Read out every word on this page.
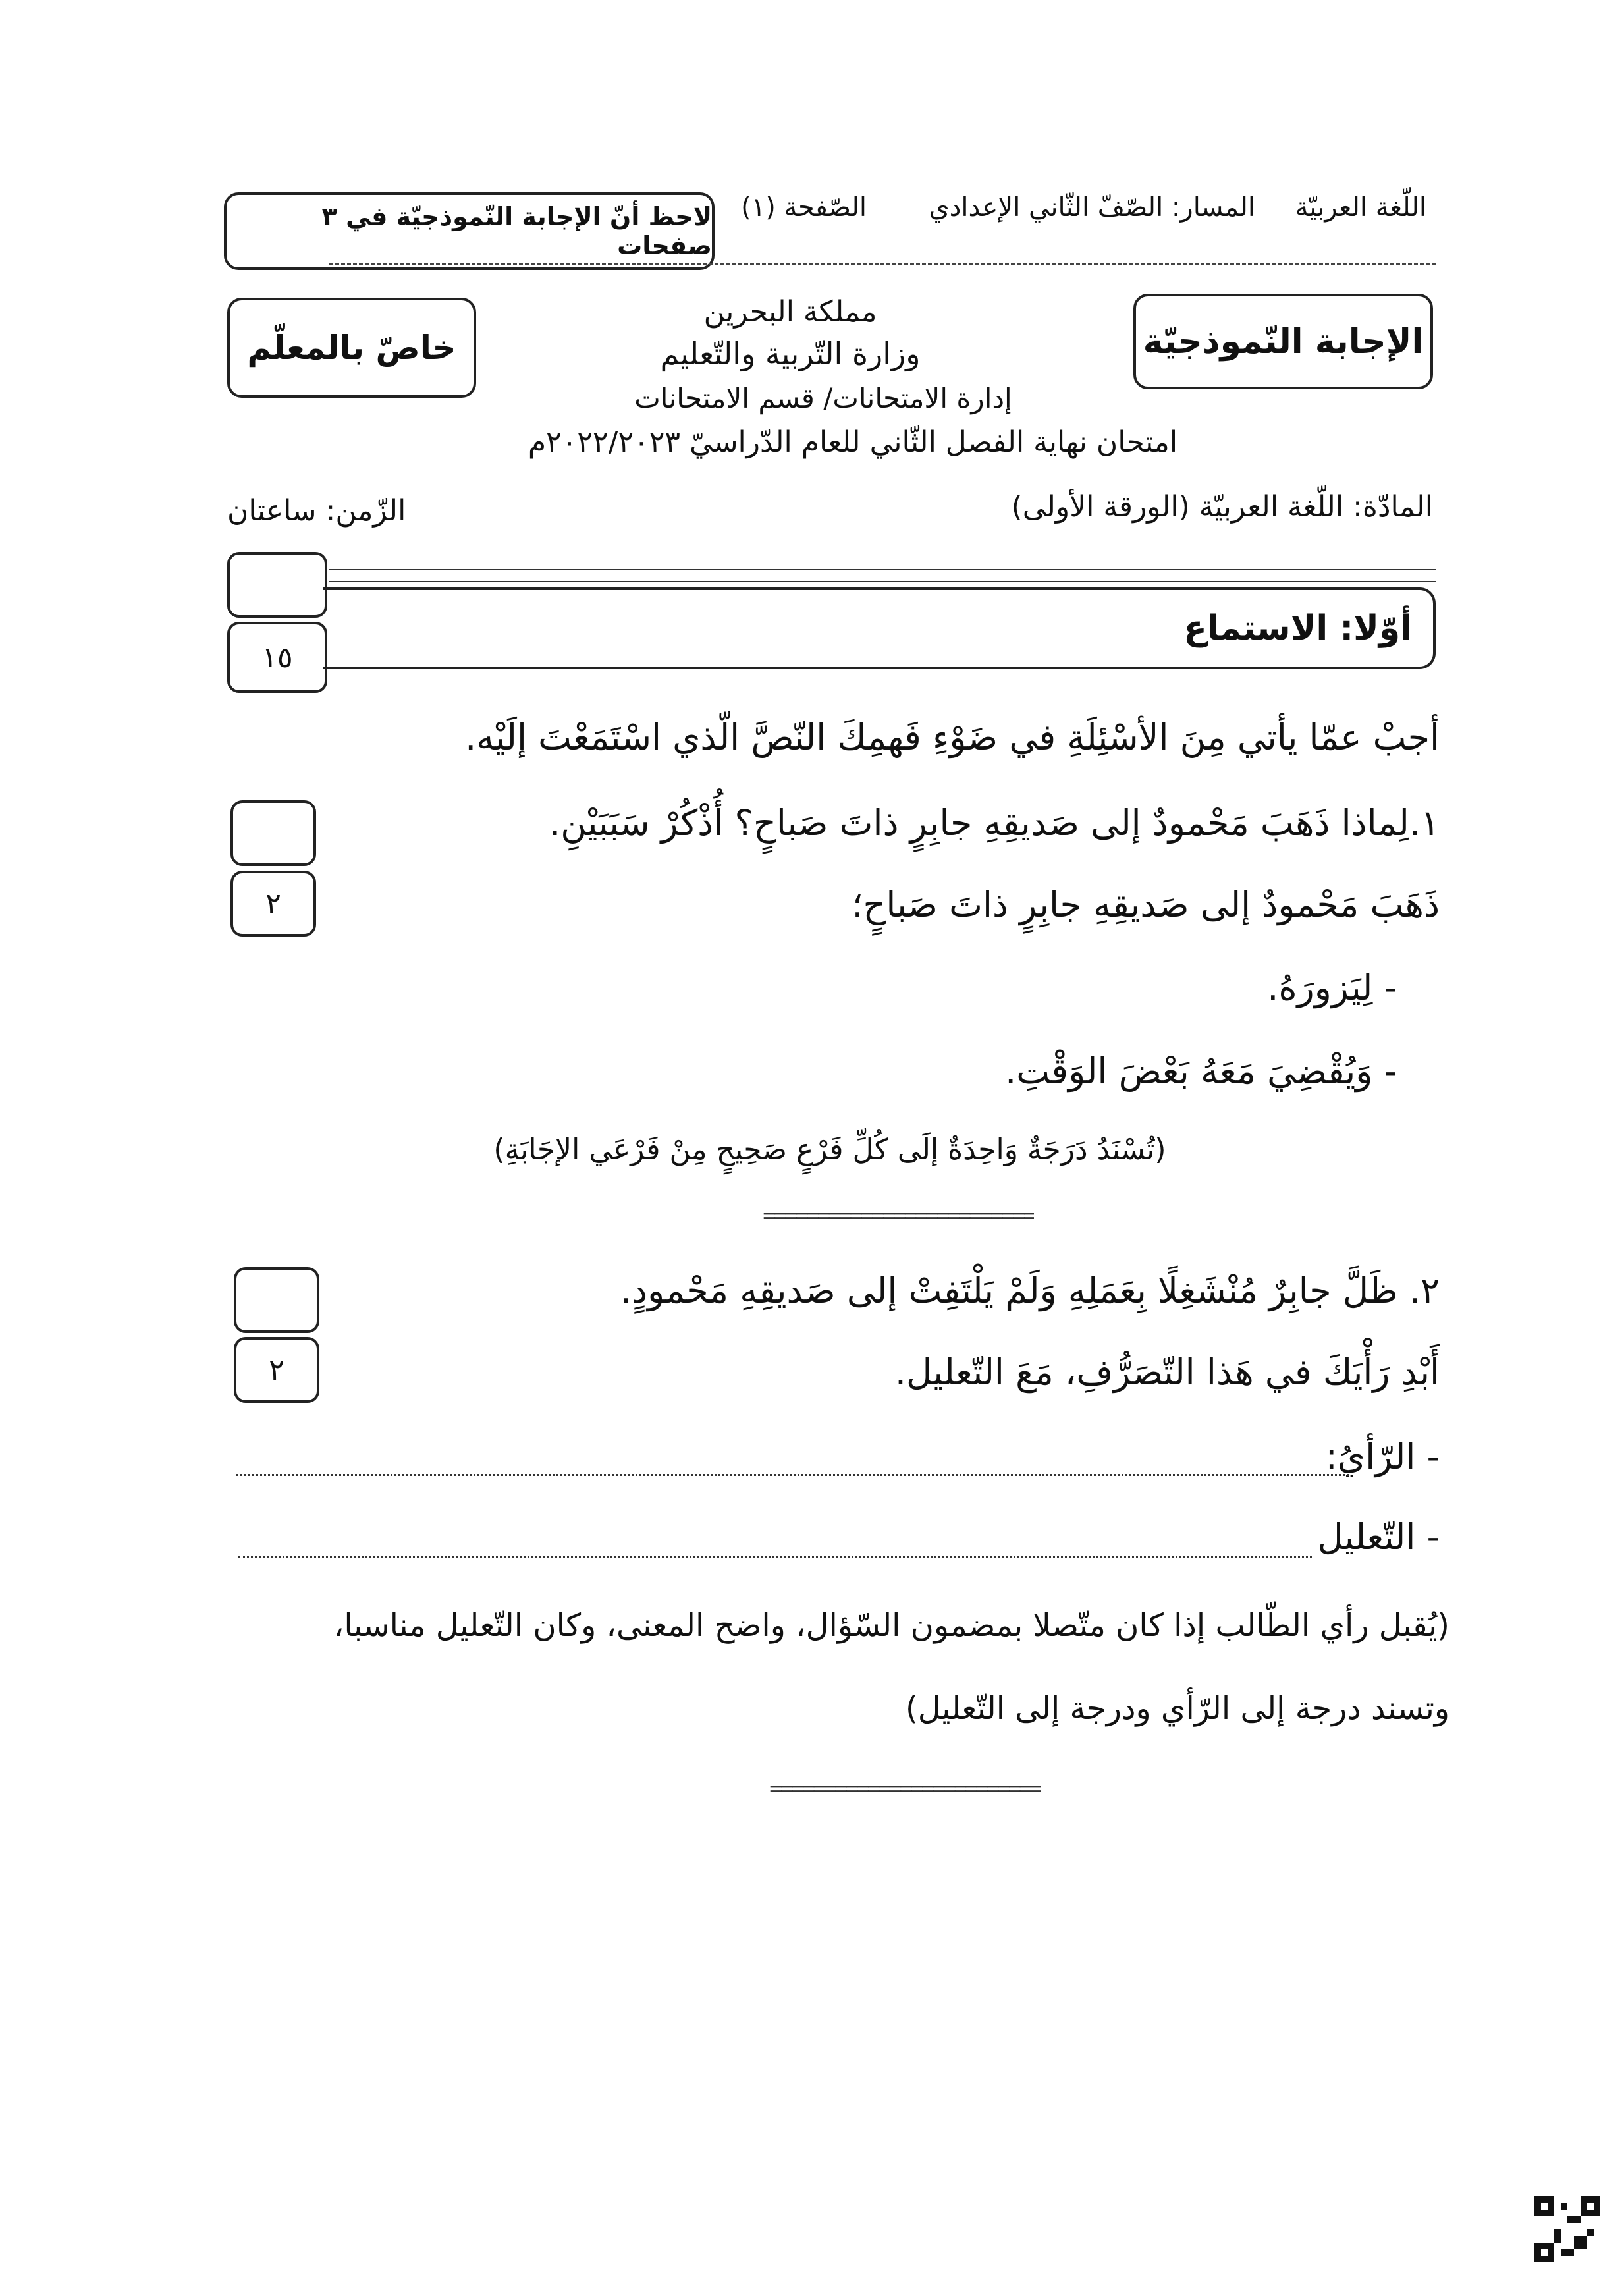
اللّغة العربيّة
المسار: الصّفّ الثّاني الإعدادي
الصّفحة (١)
لاحظ أنّ الإجابة النّموذجيّة في ٣ صفحات
الإجابة النّموذجيّة
خاصّ بالمعلّم
مملكة البحرين
وزارة التّربية والتّعليم
إدارة الامتحانات/ قسم الامتحانات
امتحان نهاية الفصل الثّاني للعام الدّراسيّ ٢٠٢٢/٢٠٢٣م
المادّة: اللّغة العربيّة (الورقة الأولى)
الزّمن: ساعتان
١٥
أوّلا: الاستماع
أجبْ عمّا يأتي مِنَ الأسْئِلَةِ في ضَوْءِ فَهمِكَ النّصَّ الّذي اسْتَمَعْتَ إلَيْه.
٢
١.لِماذا ذَهَبَ مَحْمودٌ إلى صَديقِهِ جابِرٍ ذاتَ صَباحٍ؟ أُذْكُرْ سَبَبَيْنِ.
ذَهَبَ مَحْمودٌ إلى صَديقِهِ جابِرٍ ذاتَ صَباحٍ؛
- لِيَزورَهُ.
- وَيُقْضِيَ مَعَهُ بَعْضَ الوَقْتِ.
(تُسْنَدُ دَرَجَةٌ وَاحِدَةٌ إلَى كُلِّ فَرْعٍ صَحِيحٍ مِنْ فَرْعَي الإجَابَةِ)
=========================
٢
٢. ظَلَّ جابِرٌ مُنْشَغِلًا بِعَمَلِهِ وَلَمْ يَلْتَفِتْ إلى صَديقِهِ مَحْمودٍ.
أَبْدِ رَأْيَكَ في هَذا التّصَرُّفِ، مَعَ التّعليل.
- الرّأيُ:
- التّعليل
(يُقبل رأي الطّالب إذا كان متّصلا بمضمون السّؤال، واضح المعنى، وكان التّعليل مناسبا،
وتسند درجة إلى الرّأي ودرجة إلى التّعليل)
=========================
